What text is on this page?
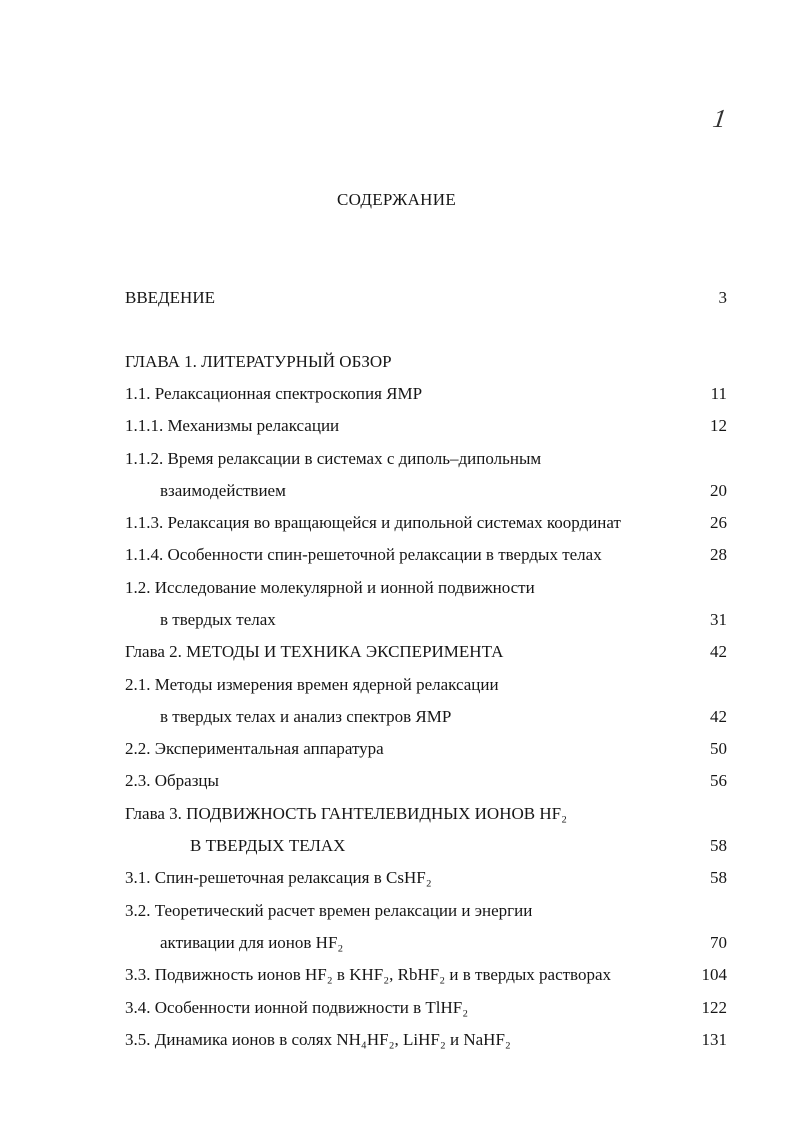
1
СОДЕРЖАНИЕ
ВВЕДЕНИЕ	3
ГЛАВА 1. ЛИТЕРАТУРНЫЙ ОБЗОР
1.1. Релаксационная спектроскопия ЯМР	11
1.1.1. Механизмы релаксации	12
1.1.2. Время релаксации в системах с диполь–дипольным
взаимодействием	20
1.1.3. Релаксация во вращающейся и дипольной системах координат	26
1.1.4. Особенности спин-решеточной релаксации в твердых телах	28
1.2. Исследование молекулярной и ионной подвижности
в твердых телах	31
Глава 2. МЕТОДЫ И ТЕХНИКА ЭКСПЕРИМЕНТА	42
2.1. Методы измерения времен ядерной релаксации
в твердых телах и анализ спектров ЯМР	42
2.2. Экспериментальная аппаратура	50
2.3. Образцы	56
Глава 3. ПОДВИЖНОСТЬ ГАНТЕЛЕВИДНЫХ ИОНОВ HF₂
В ТВЕРДЫХ ТЕЛАХ	58
3.1. Спин-решеточная релаксация в CsHF₂	58
3.2. Теоретический расчет времен релаксации и энергии
активации для ионов HF₂	70
3.3. Подвижность ионов HF₂ в KHF₂, RbHF₂ и в твердых растворах	104
3.4. Особенности ионной подвижности в TlHF₂	122
3.5. Динамика ионов в солях NH₄HF₂, LiHF₂ и NaHF₂	131
